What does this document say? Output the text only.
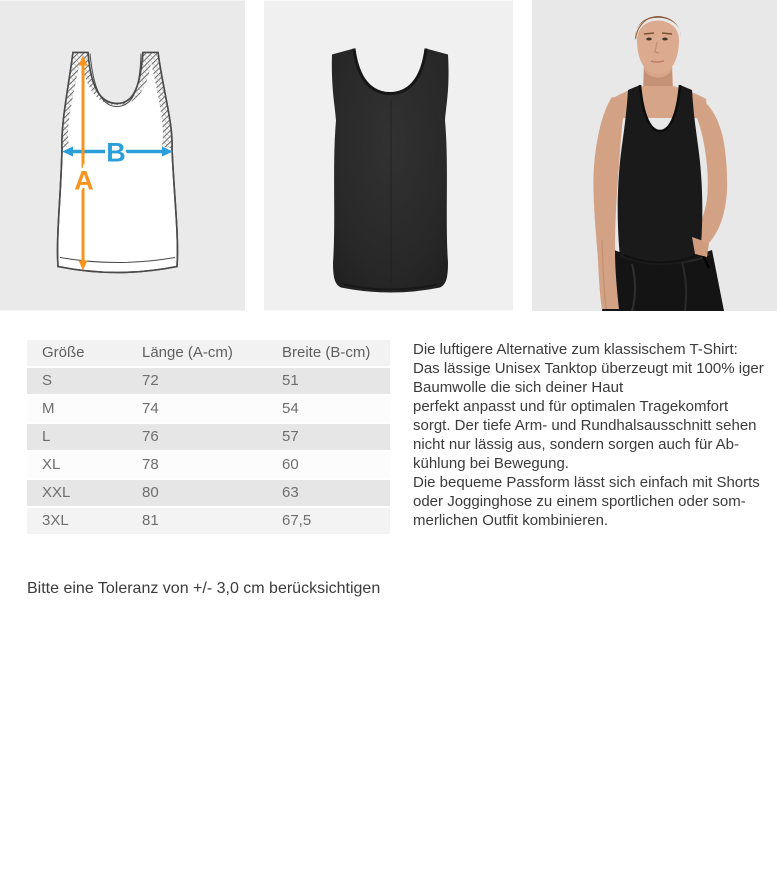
B
A
Größe	Länge (A-cm)	Breite (B-cm)
S	72	51
M	74	54
L	76	57
XL	78	60
XXL	80	63
3XL	81	67,5
Die luftigere Alternative zum klassischem T-Shirt:
Das lässige Unisex Tanktop überzeugt mit 100% iger
Baumwolle die sich deiner Haut
perfekt anpasst und für optimalen Tragekomfort
sorgt. Der tiefe Arm- und Rundhalsausschnitt sehen
nicht nur lässig aus, sondern sorgen auch für Ab-
kühlung bei Bewegung.
Die bequeme Passform lässt sich einfach mit Shorts
oder Jogginghose zu einem sportlichen oder som-
merlichen Outfit kombinieren.
Bitte eine Toleranz von +/- 3,0 cm berücksichtigen
